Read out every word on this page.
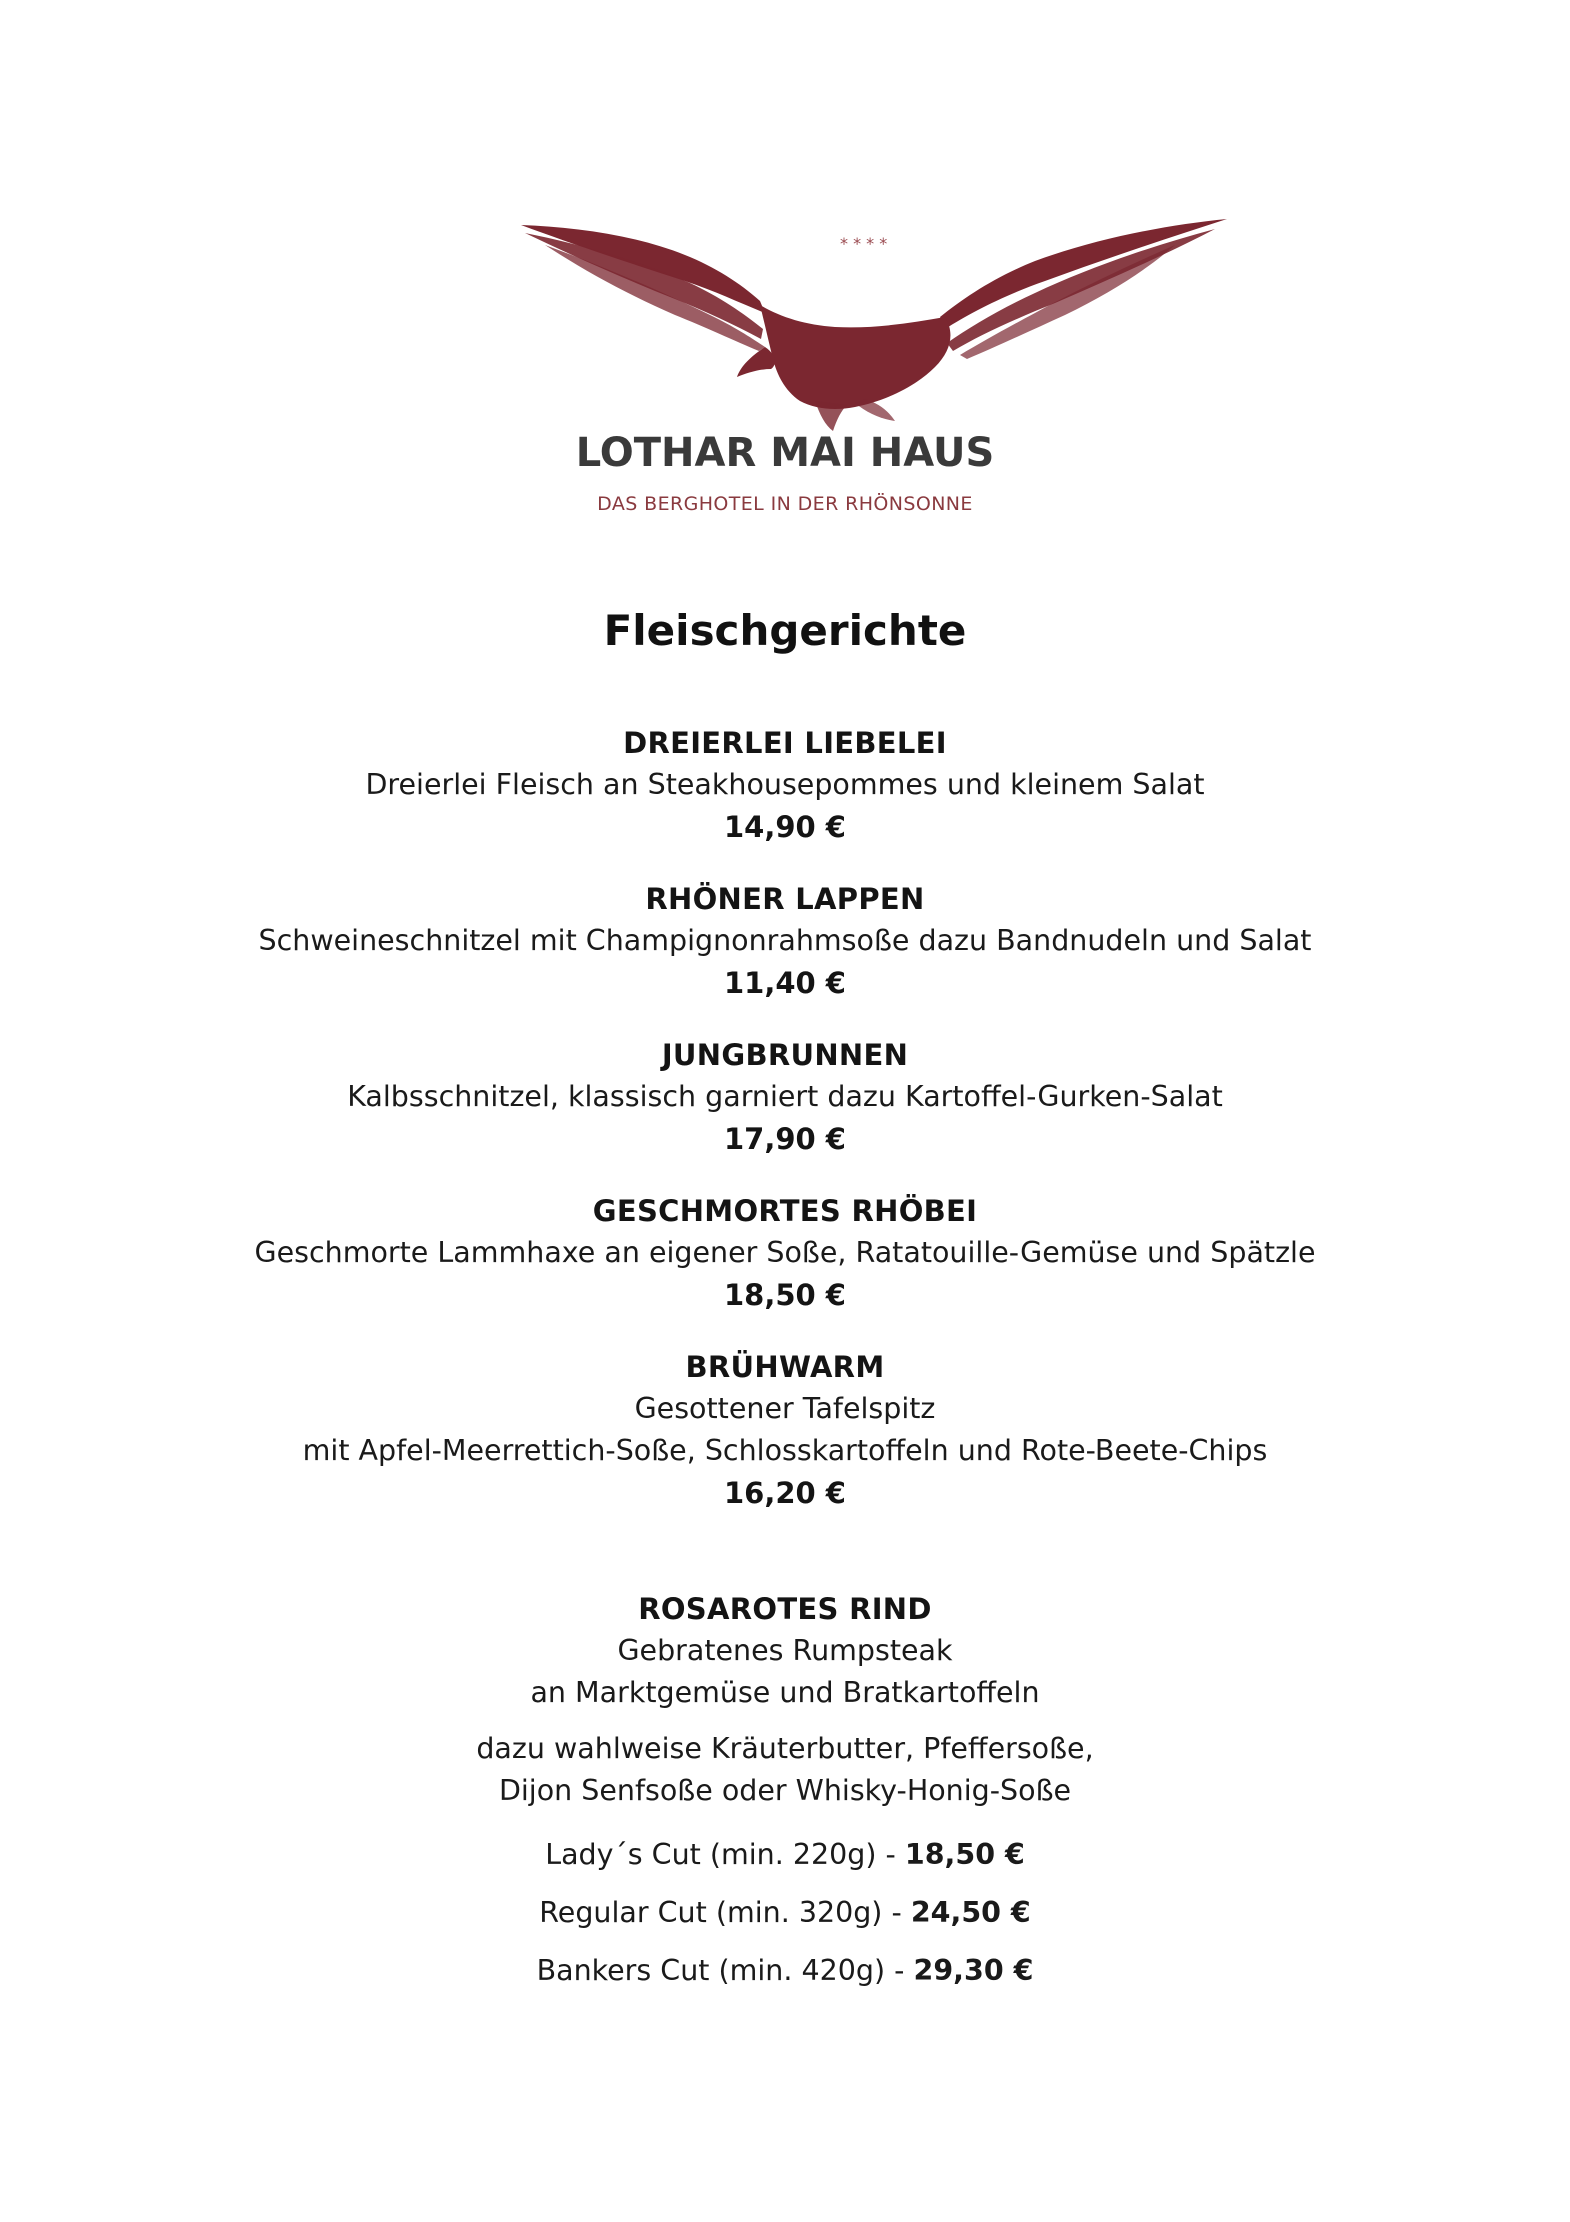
* * * *
LOTHAR MAI HAUS
DAS BERGHOTEL IN DER RHÖNSONNE
Fleischgerichte
DREIERLEI LIEBELEI
Dreierlei Fleisch an Steakhousepommes und kleinem Salat
14,90 €
RHÖNER LAPPEN
Schweineschnitzel mit Champignonrahmsoße dazu Bandnudeln und Salat
11,40 €
JUNGBRUNNEN
Kalbsschnitzel, klassisch garniert dazu Kartoffel-Gurken-Salat
17,90 €
GESCHMORTES RHÖBEI
Geschmorte Lammhaxe an eigener Soße, Ratatouille-Gemüse und Spätzle
18,50 €
BRÜHWARM
Gesottener Tafelspitz
mit Apfel-Meerrettich-Soße, Schlosskartoffeln und Rote-Beete-Chips
16,20 €
ROSAROTES RIND
Gebratenes Rumpsteak
an Marktgemüse und Bratkartoffeln
dazu wahlweise Kräuterbutter, Pfeffersoße,
Dijon Senfsoße oder Whisky-Honig-Soße
Lady´s Cut (min. 220g) - 18,50 €
Regular Cut (min. 320g) - 24,50 €
Bankers Cut (min. 420g) - 29,30 €
